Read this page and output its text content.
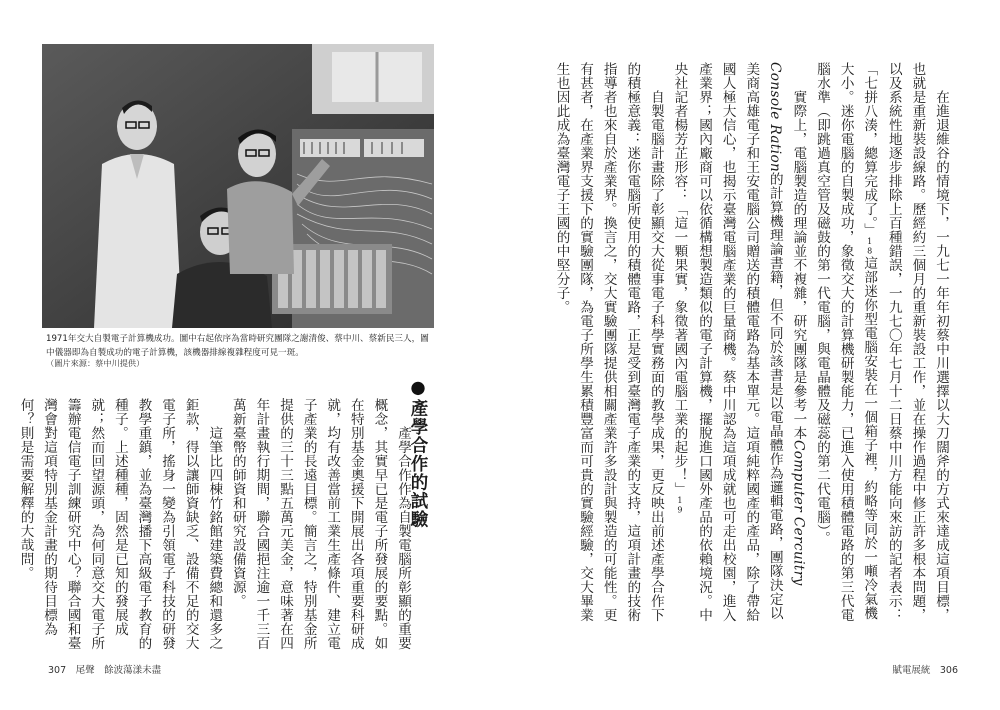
1971年交大自製電子計算機成功。圖中右起依序為當時研究團隊之謝清俊、蔡中川、蔡新民三人，圖中儀器即為自製成功的電子計算機，該機器排線複雜程度可見一斑。
（圖片來源：蔡中川提供）
●產學合作的試驗
　　產學合作作為自製電腦所彰顯的重要概念，其實早已是電子所發展的要點。如在特別基金奧援下開展出各項重要科研成就，均有改善當前工業生產條件、建立電子產業的長遠目標。簡言之，特別基金所提供的三十三點五萬元美金，意味著在四年計畫執行期間，聯合國挹注逾一千三百萬新臺幣的師資和研究設備資源。
　　這筆比四棟竹銘館建築費總和還多之鉅款，得以讓師資缺乏、設備不足的交大電子所，搖身一變為引領電子科技的研發教學重鎮，並為臺灣播下高級電子教育的種子。上述種種，固然是已知的發展成就；然而回望源頭，為何同意交大電子所籌辦電信電子訓練研究中心？聯合國和臺灣會對這項特別基金計畫的期待目標為何？則是需要解釋的大哉問。
307　 尾聲　餘波蕩漾未盡
　　在進退維谷的情境下，一九七一年年初蔡中川選擇以大刀闊斧的方式來達成這項目標，也就是重新裝設線路。歷經約三個月的重新裝設工作，並在操作過程中修正許多根本問題，以及系統性地逐步排除上百種錯誤，一九七〇年七月十二日蔡中川方能向來訪的記者表示：「七拼八湊，總算完成了。」18這部迷你型電腦安裝在一個箱子裡，約略等同於一噸冷氣機大小。迷你電腦的自製成功，象徵交大的計算機研製能力，已進入使用積體電路的第三代電腦水準（即跳過真空管及磁鼓的第一代電腦，與電晶體及磁蕊的第二代電腦）。
　　實際上，電腦製造的理論並不複雜，研究團隊是參考一本Computer Cercuitry Console Ration的計算機理論書籍，但不同於該書是以電晶體作為邏輯電路，團隊決定以美商高雄電子和王安電腦公司贈送的積體電路為基本單元。這項純粹國產的產品，除了帶給國人極大信心，也揭示臺灣電腦產業的巨量商機。蔡中川認為這項成就也可走出校園，進入產業界；國內廠商可以依循構想製造類似的電子計算機，擺脫進口國外產品的依賴境況。中央社記者楊芳芷形容：「這一顆果實，象徵著國內電腦工業的起步！」19
　　自製電腦計畫除了彰顯交大從事電子科學實務面的教學成果，更反映出前述產學合作下的積極意義：迷你電腦所使用的積體電路，正是受到臺灣電子產業的支持，這項計畫的技術指導者也來自於產業界。換言之，交大實驗團隊提供相關產業許多設計與製造的可能性。更有甚者，在產業界支援下的實驗團隊，為電子所學生累積豐富而可貴的實驗經驗，交大畢業生也因此成為臺灣電子王國的中堅分子。
賦電展統　 306
